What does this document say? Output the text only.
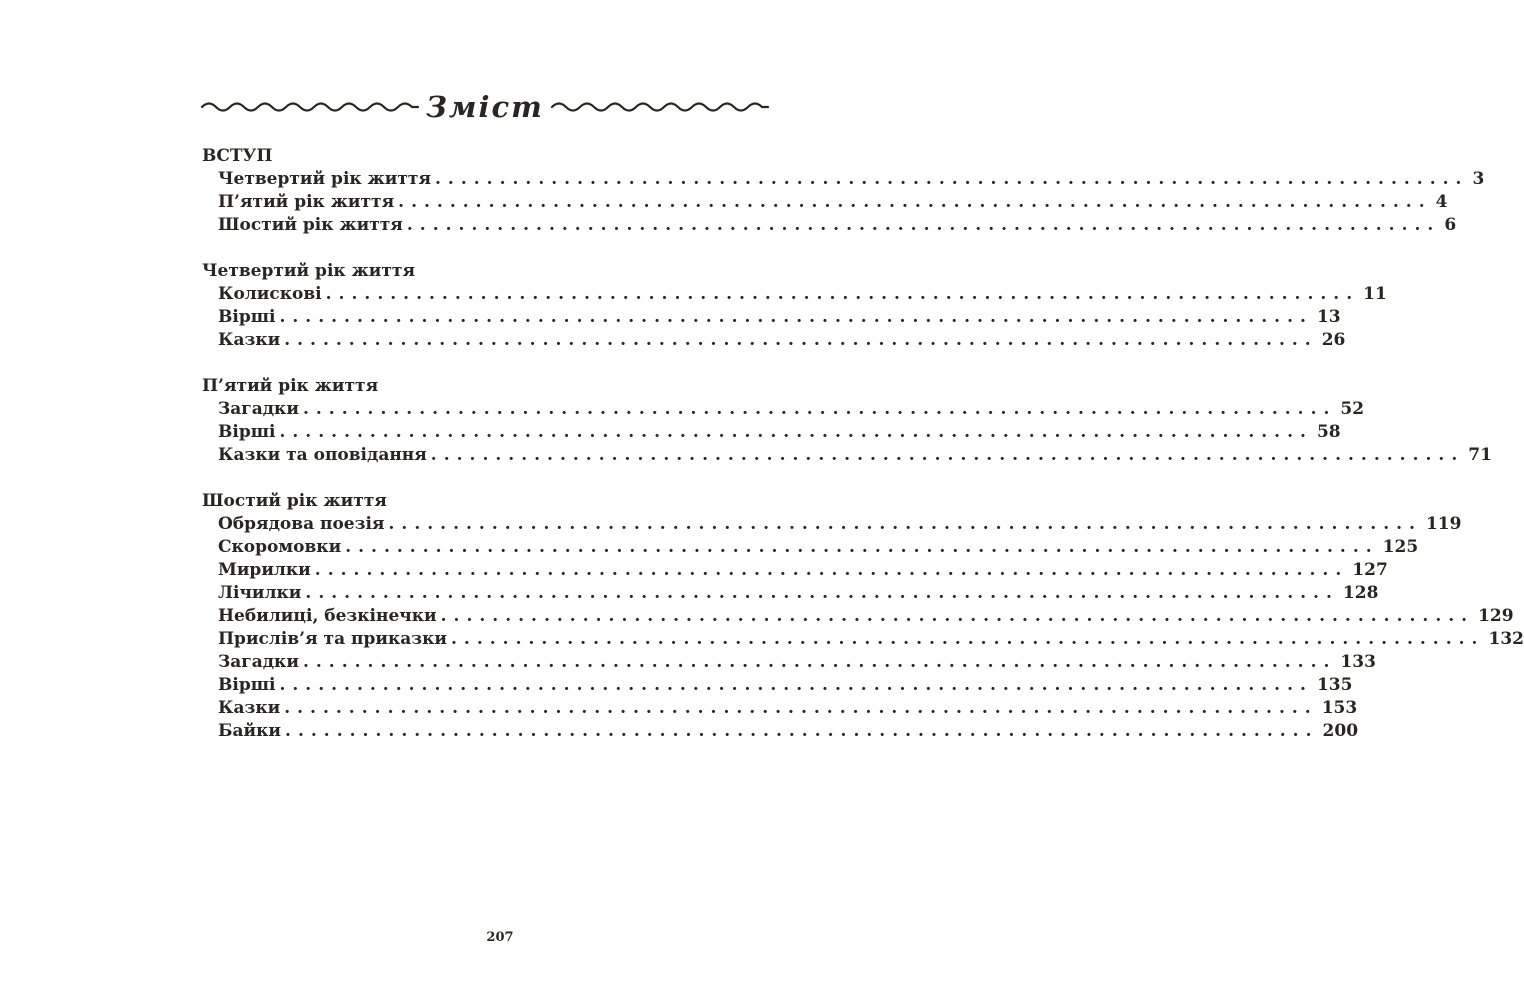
Зміст
ВСТУП
Четвертий рік життя ................................................................................ 3
П’ятий рік життя ................................................................................ 4
Шостий рік життя ................................................................................ 6
Четвертий рік життя
Колискові ................................................................................ 11
Вірші ................................................................................ 13
Казки ................................................................................ 26
П’ятий рік життя
Загадки ................................................................................ 52
Вірші ................................................................................ 58
Казки та оповідання ................................................................................ 71
Шостий рік життя
Обрядова поезія ................................................................................ 119
Скоромовки ................................................................................ 125
Мирилки ................................................................................ 127
Лічилки ................................................................................ 128
Небилиці, безкінечки ................................................................................ 129
Прислів’я та приказки ................................................................................ 132
Загадки ................................................................................ 133
Вірші ................................................................................ 135
Казки ................................................................................ 153
Байки ................................................................................ 200
207
